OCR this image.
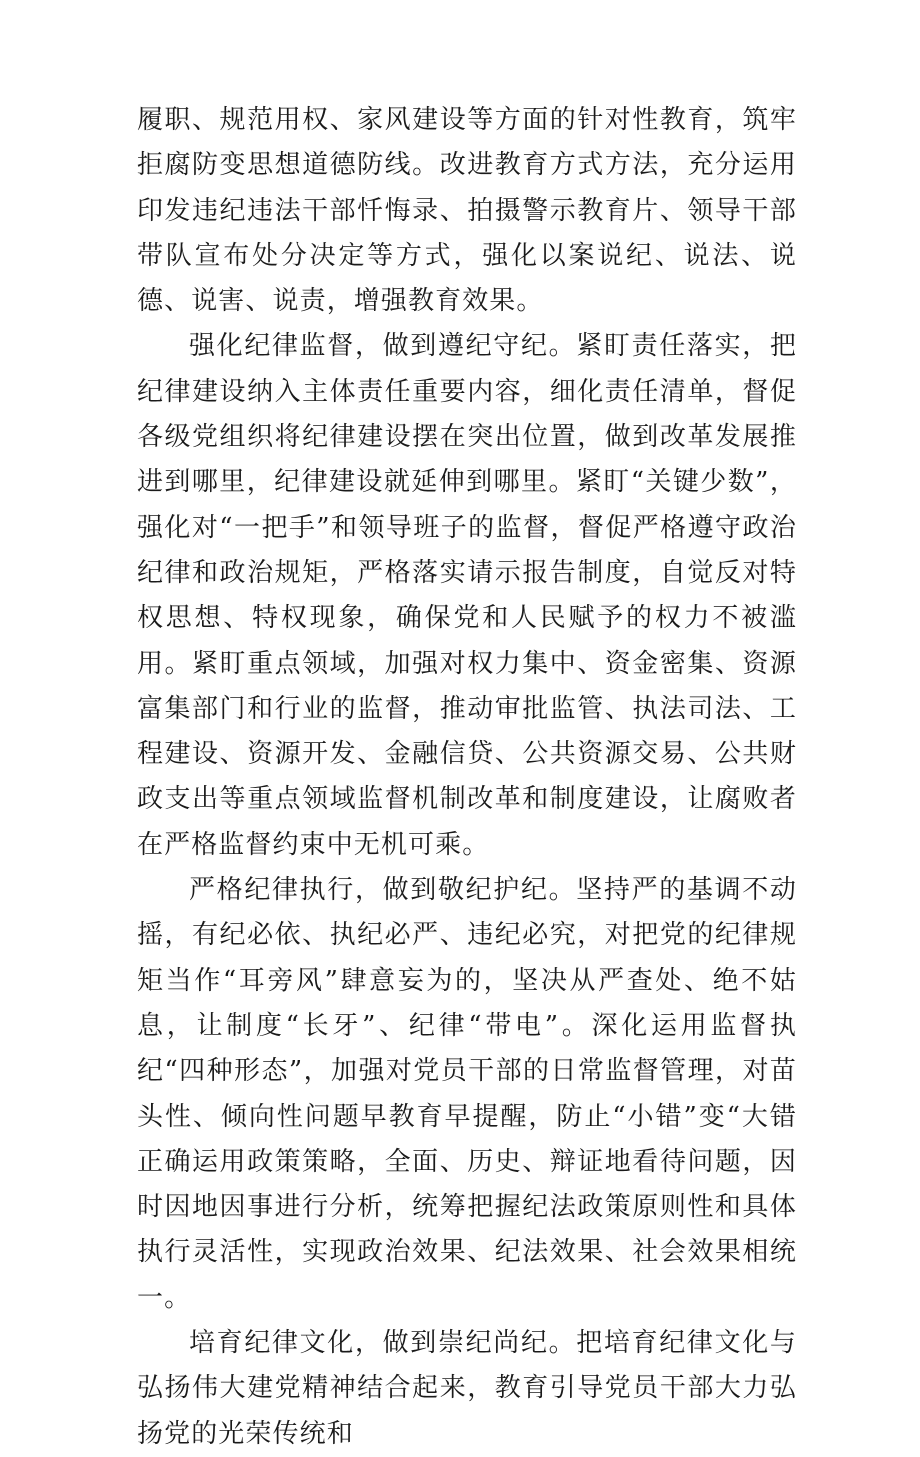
履职、规范用权、家风建设等方面的针对性教育，筑牢拒腐防变思想道德防线。改进教育方式方法，充分运用印发违纪违法干部忏悔录、拍摄警示教育片、领导干部带队宣布处分决定等方式，强化以案说纪、说法、说德、说害、说责，增强教育效果。

强化纪律监督，做到遵纪守纪。紧盯责任落实，把纪律建设纳入主体责任重要内容，细化责任清单，督促各级党组织将纪律建设摆在突出位置，做到改革发展推进到哪里，纪律建设就延伸到哪里。紧盯“关键少数”，强化对“一把手”和领导班子的监督，督促严格遵守政治纪律和政治规矩，严格落实请示报告制度，自觉反对特权思想、特权现象，确保党和人民赋予的权力不被滥用。紧盯重点领域，加强对权力集中、资金密集、资源富集部门和行业的监督，推动审批监管、执法司法、工程建设、资源开发、金融信贷、公共资源交易、公共财政支出等重点领域监督机制改革和制度建设，让腐败者在严格监督约束中无机可乘。

严格纪律执行，做到敬纪护纪。坚持严的基调不动摇，有纪必依、执纪必严、违纪必究，对把党的纪律规矩当作“耳旁风”肆意妄为的，坚决从严查处、绝不姑息，让制度“长牙”、纪律“带电”。深化运用监督执纪“四种形态”，加强对党员干部的日常监督管理，对苗头性、倾向性问题早教育早提醒，防止“小错”变“大错正确运用政策策略，全面、历史、辩证地看待问题，因时因地因事进行分析，统筹把握纪法政策原则性和具体执行灵活性，实现政治效果、纪法效果、社会效果相统一。

培育纪律文化，做到崇纪尚纪。把培育纪律文化与弘扬伟大建党精神结合起来，教育引导党员干部大力弘扬党的光荣传统和
